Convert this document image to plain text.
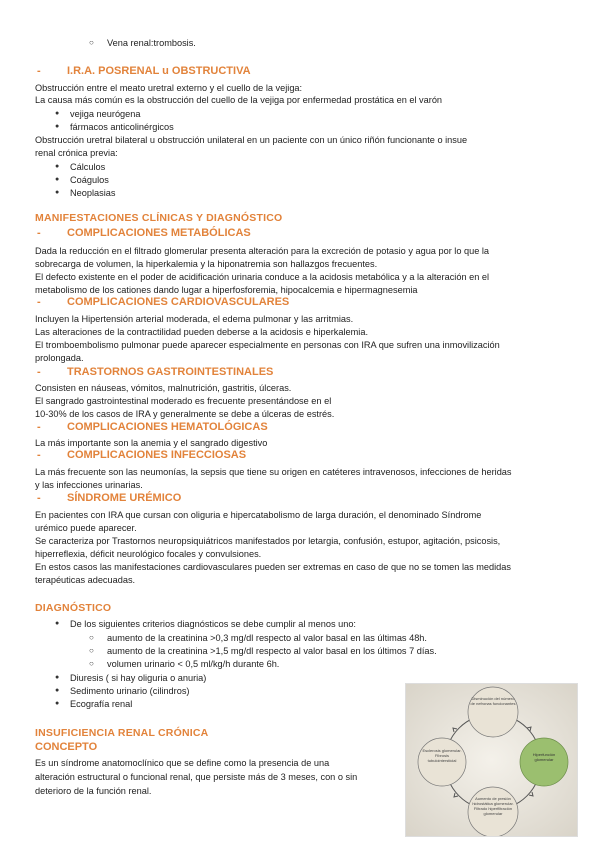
○ Vena renal:trombosis.
- I.R.A. POSRENAL u OBSTRUCTIVA
Obstrucción entre el meato uretral externo y el cuello de la vejiga:
La causa más común es la obstrucción del cuello de la vejiga por enfermedad prostática en el varón
● vejiga neurógena
● fármacos anticolinérgicos
Obstrucción uretral bilateral u obstrucción unilateral en un paciente con un único riñón funcionante o insue
renal crónica previa:
● Cálculos
● Coágulos
● Neoplasias
MANIFESTACIONES CLÍNICAS Y DIAGNÓSTICO
- COMPLICACIONES METABÓLICAS
Dada la reducción en el filtrado glomerular presenta alteración para la excreción de potasio y agua por lo que la
sobrecarga de volumen, la hiperkalemia y la hiponatremia son hallazgos frecuentes.
El defecto existente en el poder de acidificación urinaria conduce a la acidosis metabólica y a la alteración en el
metabolismo de los cationes dando lugar a hiperfosforemia, hipocalcemia e hipermagnesemia
- COMPLICACIONES CARDIOVASCULARES
Incluyen la Hipertensión arterial moderada, el edema pulmonar y las arritmias.
Las alteraciones de la contractilidad pueden deberse a la acidosis e hiperkalemia.
El tromboembolismo pulmonar puede aparecer especialmente en personas con IRA que sufren una inmovilización
prolongada.
- TRASTORNOS GASTROINTESTINALES
Consisten en náuseas, vómitos, malnutrición, gastritis, úlceras.
El sangrado gastrointestinal moderado es frecuente presentándose en el
10-30% de los casos de IRA y generalmente se debe a úlceras de estrés.
- COMPLICACIONES HEMATOLÓGICAS
La más importante son la anemia y el sangrado digestivo
- COMPLICACIONES INFECCIOSAS
La más frecuente son las neumonías, la sepsis que tiene su origen en catéteres intravenosos, infecciones de heridas
y las infecciones urinarias.
- SÍNDROME URÉMICO
En pacientes con IRA que cursan con oliguria e hipercatabolismo de larga duración, el denominado Síndrome
urémico puede aparecer.
Se caracteriza por Trastornos neuropsiquiátricos manifestados por letargia, confusión, estupor, agitación, psicosis,
hiperreflexia, déficit neurológico focales y convulsiones.
En estos casos las manifestaciones cardiovasculares pueden ser extremas en caso de que no se tomen las medidas
terapéuticas adecuadas.
DIAGNÓSTICO
● De los siguientes criterios diagnósticos se debe cumplir al menos uno:
○ aumento de la creatinina >0,3 mg/dl respecto al valor basal en las últimas 48h.
○ aumento de la creatinina >1,5 mg/dl respecto al valor basal en los últimos 7 días.
○ volumen urinario < 0,5 ml/kg/h durante 6h.
● Diuresis ( si hay oliguria o anuria)
● Sedimento urinario (cilindros)
● Ecografía renal
INSUFICIENCIA RENAL CRÓNICA
CONCEPTO
Es un síndrome anatomoclínico que se define como la presencia de una
alteración estructural o funcional renal, que persiste más de 3 meses, con o sin
deterioro de la función renal.
Disminución del número de nefronas funcionantes
Hiperfunción glomerular
Aumento de presión hidrostática glomerular. Filtrado hiperfiltración glomerular
Esclerosis glomerular. Fibrosis tubulointersticial
